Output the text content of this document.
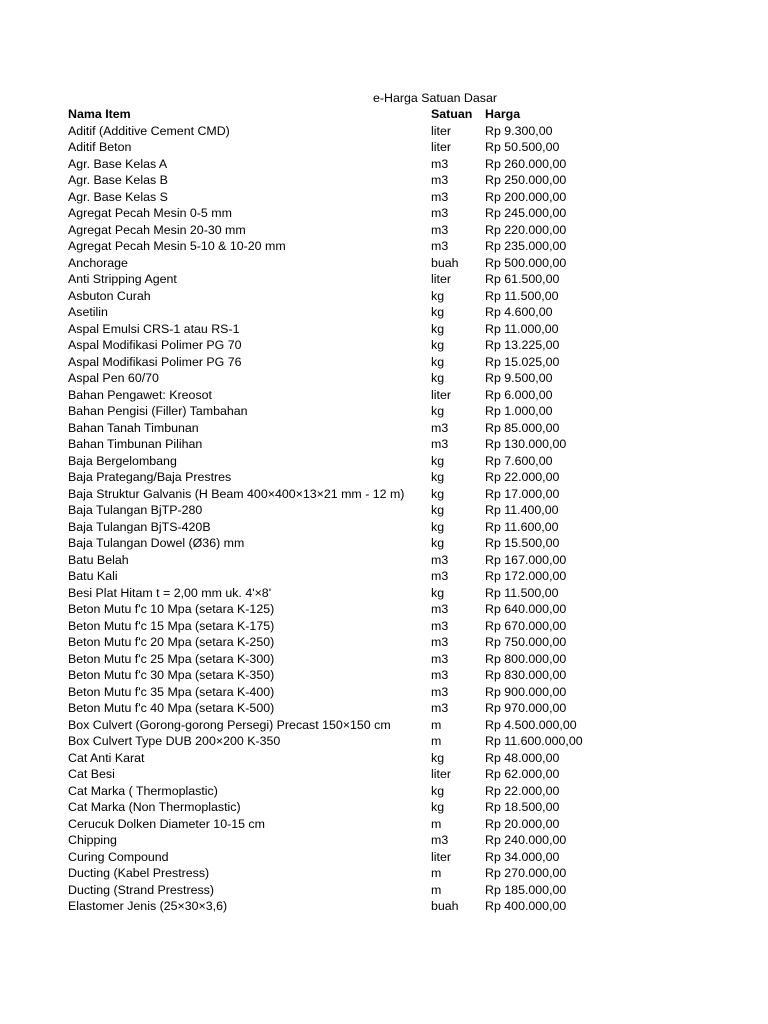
e-Harga Satuan Dasar
Nama Item	Satuan Harga
Aditif (Additive Cement CMD)	liter	Rp 9.300,00
Aditif Beton	liter	Rp 50.500,00
Agr. Base Kelas A	m3	Rp 260.000,00
Agr. Base Kelas B	m3	Rp 250.000,00
Agr. Base Kelas S	m3	Rp 200.000,00
Agregat Pecah Mesin 0-5 mm	m3	Rp 245.000,00
Agregat Pecah Mesin 20-30 mm	m3	Rp 220.000,00
Agregat Pecah Mesin 5-10 & 10-20 mm	m3	Rp 235.000,00
Anchorage	buah Rp 500.000,00
Anti Stripping Agent	liter	Rp 61.500,00
Asbuton Curah	kg	Rp 11.500,00
Asetilin	kg	Rp 4.600,00
Aspal Emulsi CRS-1 atau RS-1	kg	Rp 11.000,00
Aspal Modifikasi Polimer PG 70	kg	Rp 13.225,00
Aspal Modifikasi Polimer PG 76	kg	Rp 15.025,00
Aspal Pen 60/70	kg	Rp 9.500,00
Bahan Pengawet: Kreosot	liter	Rp 6.000,00
Bahan Pengisi (Filler) Tambahan	kg	Rp 1.000,00
Bahan Tanah Timbunan	m3	Rp 85.000,00
Bahan Timbunan Pilihan	m3	Rp 130.000,00
Baja Bergelombang	kg	Rp 7.600,00
Baja Prategang/Baja Prestres	kg	Rp 22.000,00
Baja Struktur Galvanis (H Beam 400×400×13×21 mm - 12 m) kg	Rp 17.000,00
Baja Tulangan BjTP-280	kg	Rp 11.400,00
Baja Tulangan BjTS-420B	kg	Rp 11.600,00
Baja Tulangan Dowel (Ø36) mm	kg	Rp 15.500,00
Batu Belah	m3	Rp 167.000,00
Batu Kali	m3	Rp 172.000,00
Besi Plat Hitam t = 2,00 mm uk. 4'×8'	kg	Rp 11.500,00
Beton Mutu f'c 10 Mpa (setara K-125)	m3	Rp 640.000,00
Beton Mutu f'c 15 Mpa (setara K-175)	m3	Rp 670.000,00
Beton Mutu f'c 20 Mpa (setara K-250)	m3	Rp 750.000,00
Beton Mutu f'c 25 Mpa (setara K-300)	m3	Rp 800.000,00
Beton Mutu f'c 30 Mpa (setara K-350)	m3	Rp 830.000,00
Beton Mutu f'c 35 Mpa (setara K-400)	m3	Rp 900.000,00
Beton Mutu f'c 40 Mpa (setara K-500)	m3	Rp 970.000,00
Box Culvert (Gorong-gorong Persegi) Precast 150×150 cm	m	Rp 4.500.000,00
Box Culvert Type DUB 200×200 K-350	m	Rp 11.600.000,00
Cat Anti Karat	kg	Rp 48.000,00
Cat Besi	liter	Rp 62.000,00
Cat Marka ( Thermoplastic)	kg	Rp 22.000,00
Cat Marka (Non Thermoplastic)	kg	Rp 18.500,00
Cerucuk Dolken Diameter 10-15 cm	m	Rp 20.000,00
Chipping	m3	Rp 240.000,00
Curing Compound	liter	Rp 34.000,00
Ducting (Kabel Prestress)	m	Rp 270.000,00
Ducting (Strand Prestress)	m	Rp 185.000,00
Elastomer Jenis (25×30×3,6)	buah Rp 400.000,00
